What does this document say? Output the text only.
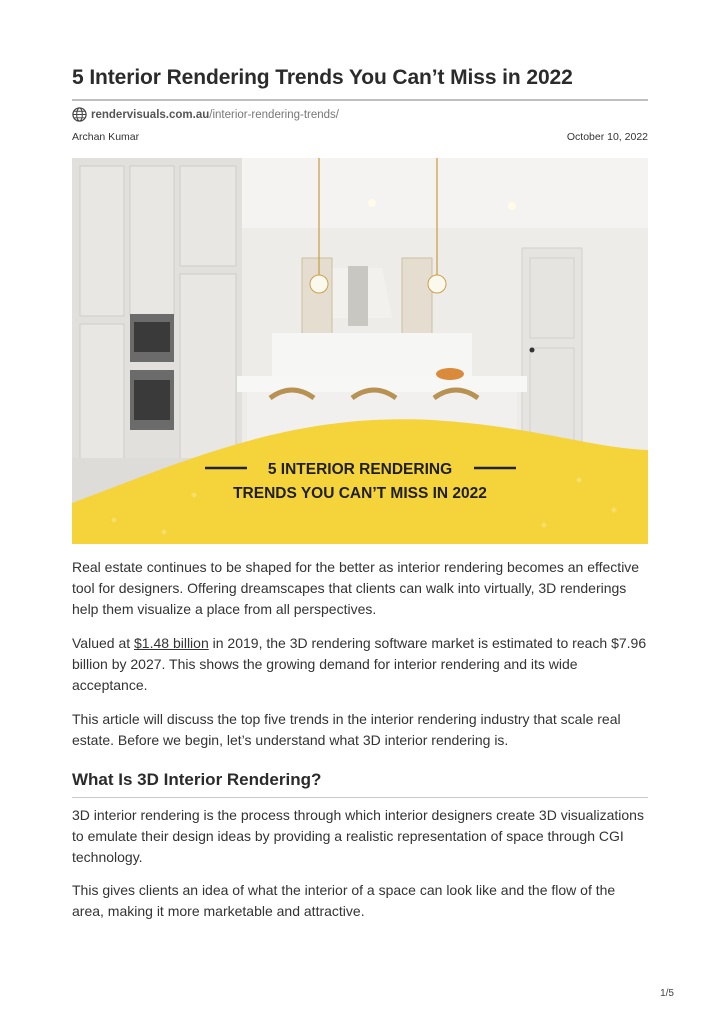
5 Interior Rendering Trends You Can’t Miss in 2022
rendervisuals.com.au /interior-rendering-trends/
Archan Kumar	October 10, 2022
5 INTERIOR RENDERING
TRENDS YOU CAN’T MISS IN 2022

Real estate continues to be shaped for the better as interior rendering becomes an effective tool for designers. Offering dreamscapes that clients can walk into virtually, 3D renderings help them visualize a place from all perspectives.

Valued at $1.48 billion in 2019, the 3D rendering software market is estimated to reach $7.96 billion by 2027. This shows the growing demand for interior rendering and its wide acceptance.

This article will discuss the top five trends in the interior rendering industry that scale real estate. Before we begin, let’s understand what 3D interior rendering is.

What Is 3D Interior Rendering?

3D interior rendering is the process through which interior designers create 3D visualizations to emulate their design ideas by providing a realistic representation of space through CGI technology.

This gives clients an idea of what the interior of a space can look like and the flow of the area, making it more marketable and attractive.

1/5
